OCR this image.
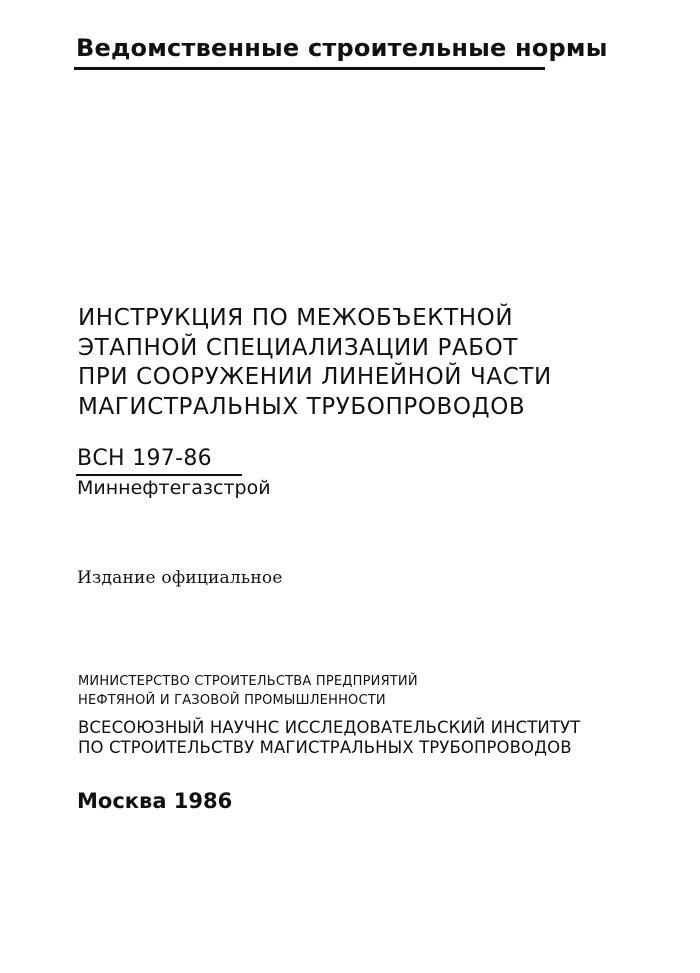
Ведомственные строительные нормы
ИНСТРУКЦИЯ ПО МЕЖОБЪЕКТНОЙ
ЭТАПНОЙ СПЕЦИАЛИЗАЦИИ РАБОТ
ПРИ СООРУЖЕНИИ ЛИНЕЙНОЙ ЧАСТИ
МАГИСТРАЛЬНЫХ ТРУБОПРОВОДОВ
ВСН 197-86
Миннефтегазстрой
Издание официальное
МИНИСТЕРСТВО СТРОИТЕЛЬСТВА ПРЕДПРИЯТИЙ
НЕФТЯНОЙ И ГАЗОВОЙ ПРОМЫШЛЕННОСТИ
ВСЕСОЮЗНЫЙ НАУЧНС ИССЛЕДОВАТЕЛЬСКИЙ ИНСТИТУТ
ПО СТРОИТЕЛЬСТВУ МАГИСТРАЛЬНЫХ ТРУБОПРОВОДОВ
Москва 1986
